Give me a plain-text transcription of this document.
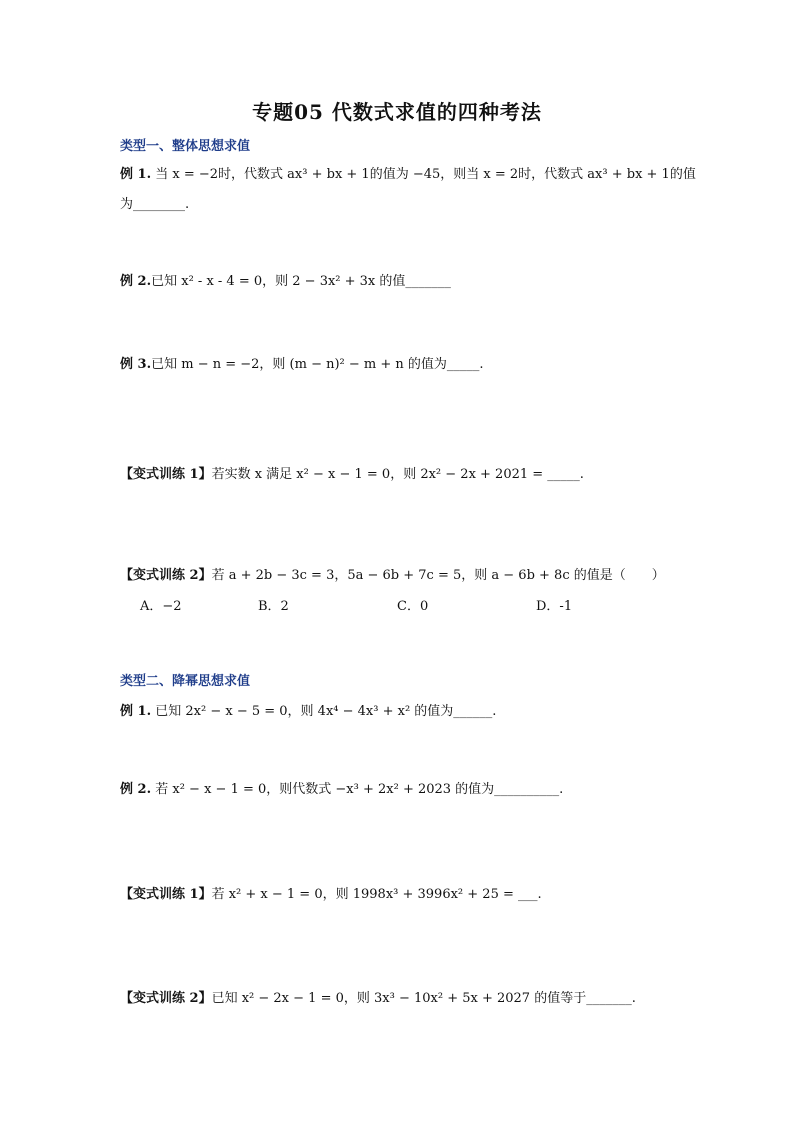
专题05 代数式求值的四种考法
类型一、整体思想求值
例 1. 当 x = −2时，代数式 ax³ + bx + 1的值为 −45，则当 x = 2时，代数式 ax³ + bx + 1的值
为________.
例 2.已知 x² - x - 4 = 0，则 2 − 3x² + 3x 的值_______
例 3.已知 m − n = −2，则 (m − n)² − m + n 的值为_____.
【变式训练 1】若实数 x 满足 x² − x − 1 = 0，则 2x² − 2x + 2021 = _____.
【变式训练 2】若 a + 2b − 3c = 3，5a − 6b + 7c = 5，则 a − 6b + 8c 的值是（　　）
A．−2	B．2	C．0	D．-1
类型二、降幂思想求值
例 1. 已知 2x² − x − 5 = 0，则 4x⁴ − 4x³ + x² 的值为______.
例 2. 若 x² − x − 1 = 0，则代数式 −x³ + 2x² + 2023 的值为__________.
【变式训练 1】若 x² + x − 1 = 0，则 1998x³ + 3996x² + 25 = ___.
【变式训练 2】已知 x² − 2x − 1 = 0，则 3x³ − 10x² + 5x + 2027 的值等于_______.
